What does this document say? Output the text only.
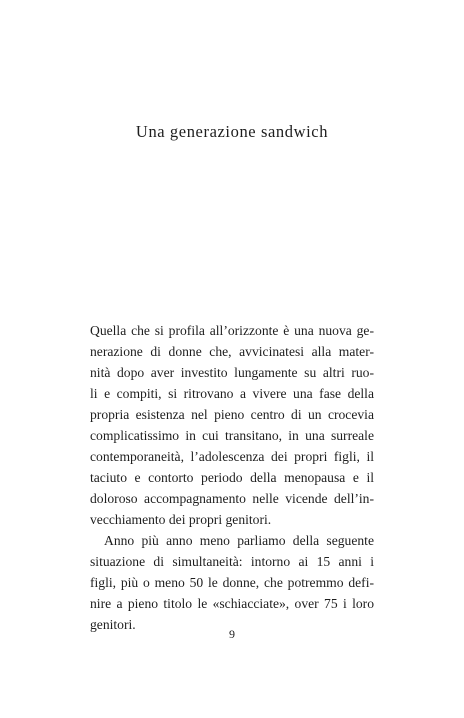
Una generazione sandwich
Quella che si profila all’orizzonte è una nuova ge-
nerazione di donne che, avvicinatesi alla mater-
nità dopo aver investito lungamente su altri ruo-
li e compiti, si ritrovano a vivere una fase della
propria esistenza nel pieno centro di un crocevia
complicatissimo in cui transitano, in una surreale
contemporaneità, l’adolescenza dei propri figli, il
taciuto e contorto periodo della menopausa e il
doloroso accompagnamento nelle vicende dell’in-
vecchiamento dei propri genitori.
Anno più anno meno parliamo della seguente
situazione di simultaneità: intorno ai 15 anni i
figli, più o meno 50 le donne, che potremmo defi-
nire a pieno titolo le «schiacciate», over 75 i loro
genitori.
9
